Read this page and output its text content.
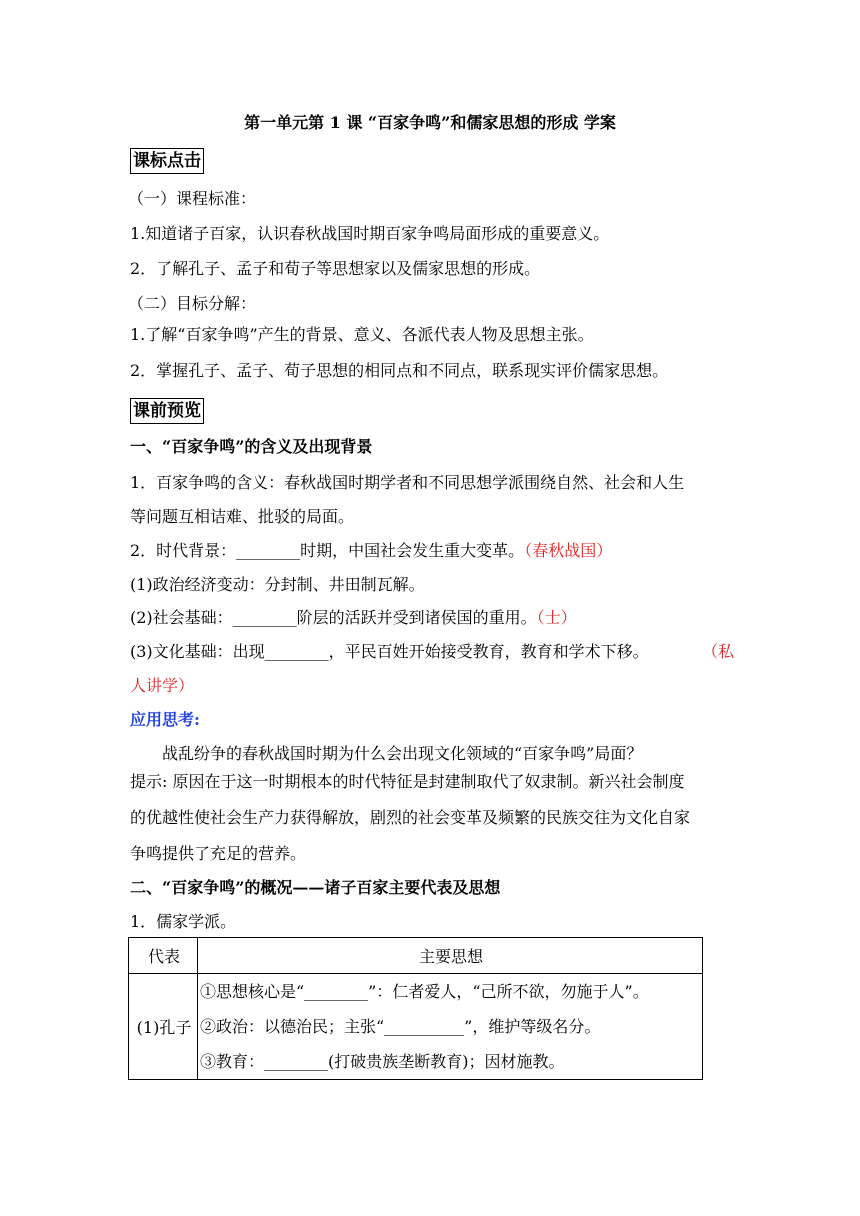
第一单元第 1 课 “百家争鸣”和儒家思想的形成 学案
课标点击
（一）课程标准：
1.知道诸子百家，认识春秋战国时期百家争鸣局面形成的重要意义。
2．了解孔子、孟子和荀子等思想家以及儒家思想的形成。
（二）目标分解：
1.了解“百家争鸣”产生的背景、意义、各派代表人物及思想主张。
2．掌握孔子、孟子、荀子思想的相同点和不同点，联系现实评价儒家思想。
课前预览
一、“百家争鸣”的含义及出现背景
1．百家争鸣的含义：春秋战国时期学者和不同思想学派围绕自然、社会和人生
等问题互相诘难、批驳的局面。
2．时代背景：________时期，中国社会发生重大变革。（春秋战国）
(1)政治经济变动：分封制、井田制瓦解。
(2)社会基础：________阶层的活跃并受到诸侯国的重用。（士）
(3)文化基础：出现________，平民百姓开始接受教育，教育和学术下移。	（私
人讲学）
应用思考:
战乱纷争的春秋战国时期为什么会出现文化领域的“百家争鸣”局面？
提示: 原因在于这一时期根本的时代特征是封建制取代了奴隶制。新兴社会制度
的优越性使社会生产力获得解放，剧烈的社会变革及频繁的民族交往为文化自家
争鸣提供了充足的营养。
二、“百家争鸣”的概况——诸子百家主要代表及思想
1．儒家学派。
代表	主要思想
(1)孔子	①思想核心是“________”：仁者爱人，“己所不欲，勿施于人”。
②政治：以德治民；主张“__________”，维护等级名分。
③教育：________(打破贵族垄断教育)；因材施教。
